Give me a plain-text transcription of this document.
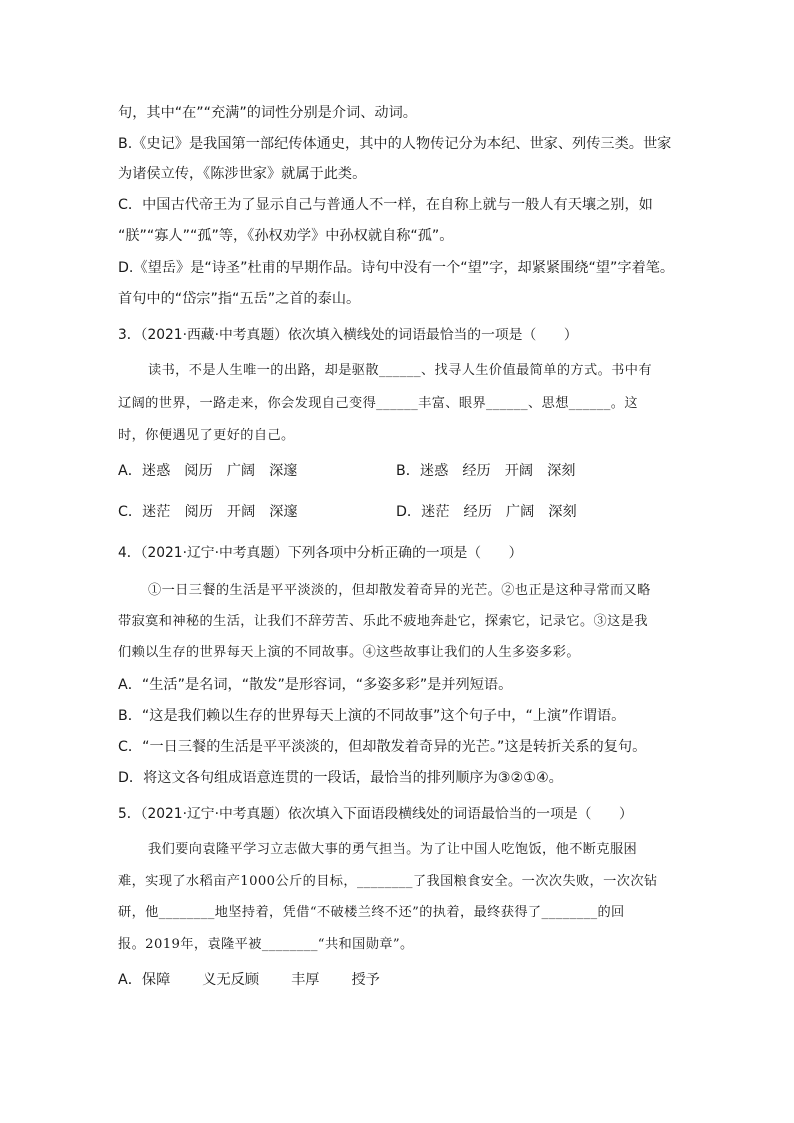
句，其中“在”“充满”的词性分别是介词、动词。
B.《史记》是我国第一部纪传体通史，其中的人物传记分为本纪、世家、列传三类。世家
为诸侯立传，《陈涉世家》就属于此类。
C．中国古代帝王为了显示自己与普通人不一样，在自称上就与一般人有天壤之别，如
“朕”“寡人”“孤”等，《孙权劝学》中孙权就自称“孤”。
D.《望岳》是“诗圣”杜甫的早期作品。诗句中没有一个“望”字，却紧紧围绕“望”字着笔。
首句中的“岱宗”指“五岳”之首的泰山。
3．（2021·西藏·中考真题）依次填入横线处的词语最恰当的一项是（　　）
读书，不是人生唯一的出路，却是驱散______、找寻人生价值最简单的方式。书中有
辽阔的世界，一路走来，你会发现自己变得______丰富、眼界______、思想______。这
时，你便遇见了更好的自己。
A．迷惑 阅历 广阔 深邃	B．迷惑 经历 开阔 深刻
C．迷茫 阅历 开阔 深邃	D．迷茫 经历 广阔 深刻
4．（2021·辽宁·中考真题）下列各项中分析正确的一项是（　　）
①一日三餐的生活是平平淡淡的，但却散发着奇异的光芒。②也正是这种寻常而又略
带寂寞和神秘的生活，让我们不辞劳苦、乐此不疲地奔赴它，探索它，记录它。③这是我
们赖以生存的世界每天上演的不同故事。④这些故事让我们的人生多姿多彩。
A．“生活”是名词，“散发”是形容词，“多姿多彩”是并列短语。
B．“这是我们赖以生存的世界每天上演的不同故事”这个句子中，“上演”作谓语。
C．“一日三餐的生活是平平淡淡的，但却散发着奇异的光芒。”这是转折关系的复句。
D．将这文各句组成语意连贯的一段话，最恰当的排列顺序为③②①④。
5．（2021·辽宁·中考真题）依次填入下面语段横线处的词语最恰当的一项是（　　）
我们要向袁隆平学习立志做大事的勇气担当。为了让中国人吃饱饭，他不断克服困
难，实现了水稻亩产1000公斤的目标，________了我国粮食安全。一次次失败，一次次钻
研，他________地坚持着，凭借“不破楼兰终不还”的执着，最终获得了________的回
报。2019年，袁隆平被________“共和国勋章”。
A．保障 义无反顾 丰厚 授予
